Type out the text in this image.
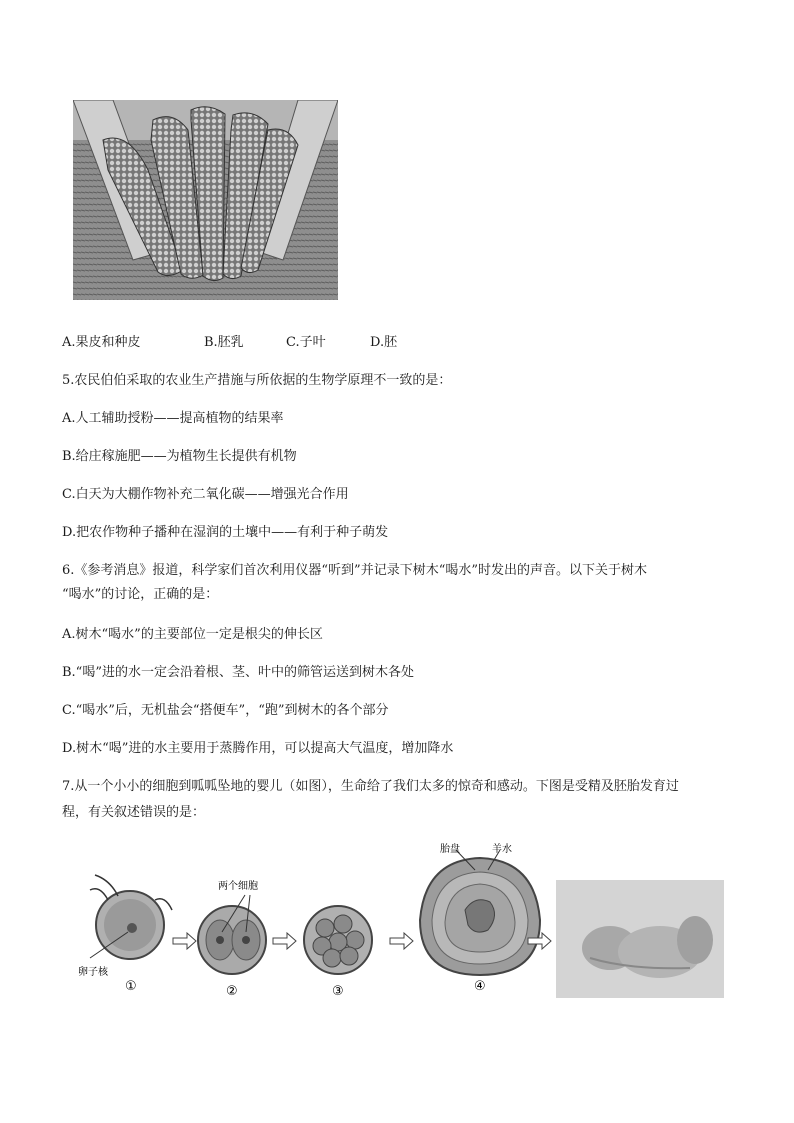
A.果皮和种皮	B.胚乳	C.子叶	D.胚
5.农民伯伯采取的农业生产措施与所依据的生物学原理不一致的是：
A.人工辅助授粉——提高植物的结果率
B.给庄稼施肥——为植物生长提供有机物
C.白天为大棚作物补充二氧化碳——增强光合作用
D.把农作物种子播种在湿润的土壤中——有利于种子萌发
6.《参考消息》报道，科学家们首次利用仪器“听到”并记录下树木“喝水”时发出的声音。以下关于树木
“喝水”的讨论，正确的是：
A.树木“喝水”的主要部位一定是根尖的伸长区
B.“喝”进的水一定会沿着根、茎、叶中的筛管运送到树木各处
C.“喝水”后，无机盐会“搭便车”，“跑”到树木的各个部分
D.树木“喝”进的水主要用于蒸腾作用，可以提高大气温度，增加降水
7.从一个小小的细胞到呱呱坠地的婴儿（如图），生命给了我们太多的惊奇和感动。下图是受精及胚胎发育过
程，有关叙述错误的是：
卵子核
两个细胞
胎盘	羊水
①	②	③	④
